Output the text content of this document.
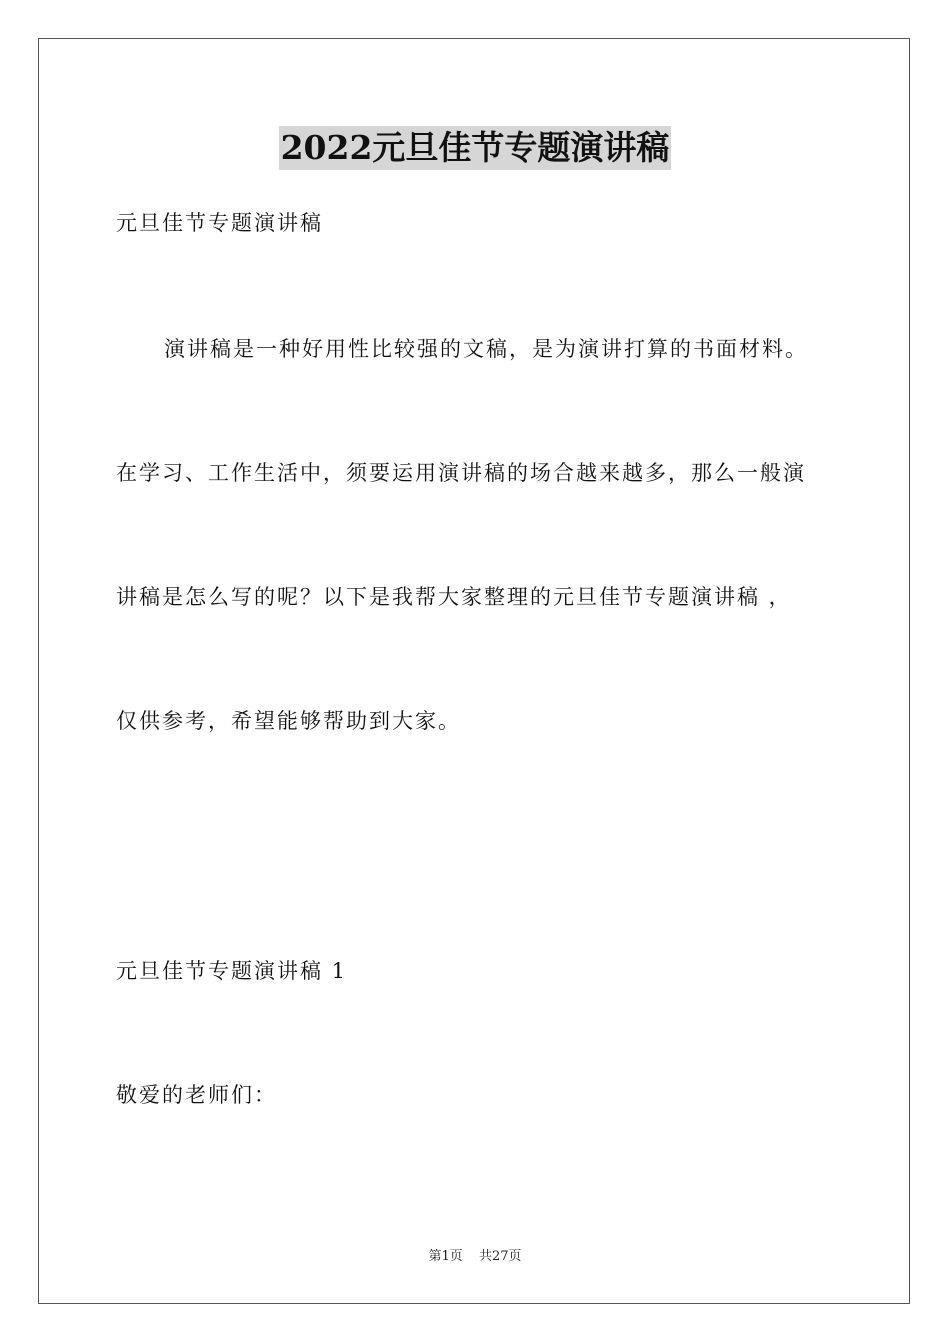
2022元旦佳节专题演讲稿
元旦佳节专题演讲稿
演讲稿是一种好用性比较强的文稿，是为演讲打算的书面材料。
在学习、工作生活中，须要运用演讲稿的场合越来越多，那么一般演
讲稿是怎么写的呢？以下是我帮大家整理的元旦佳节专题演讲稿 ，
仅供参考，希望能够帮助到大家。
元旦佳节专题演讲稿 1
敬爱的老师们：
第1页 共27页
